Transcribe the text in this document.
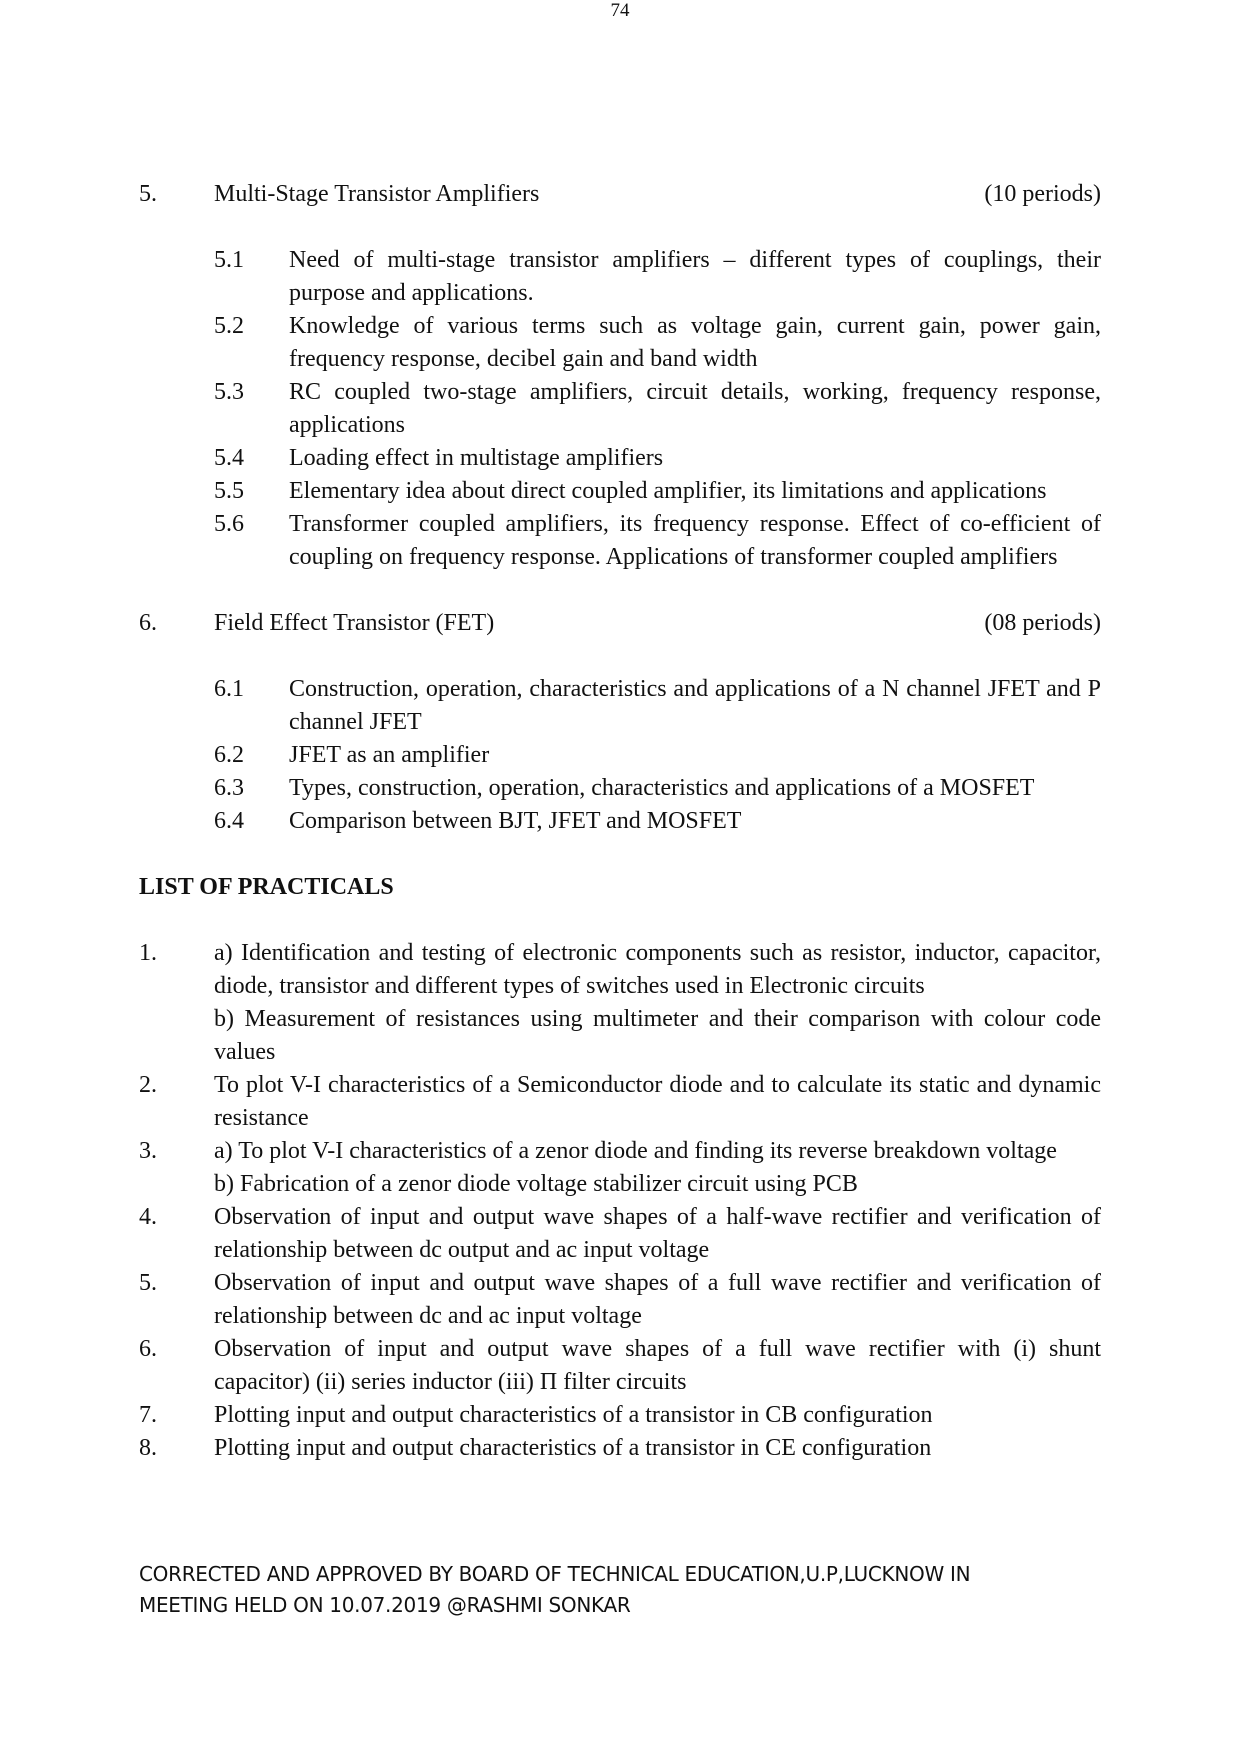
74
5. Multi-Stage Transistor Amplifiers	(10 periods)
5.1 Need of multi-stage transistor amplifiers – different types of couplings, their purpose and applications.
5.2 Knowledge of various terms such as voltage gain, current gain, power gain, frequency response, decibel gain and band width
5.3 RC coupled two-stage amplifiers, circuit details, working, frequency response, applications
5.4 Loading effect in multistage amplifiers
5.5 Elementary idea about direct coupled amplifier, its limitations and applications
5.6 Transformer coupled amplifiers, its frequency response. Effect of co-efficient of coupling on frequency response. Applications of transformer coupled amplifiers
6. Field Effect Transistor (FET)	(08 periods)
6.1 Construction, operation, characteristics and applications of a N channel JFET and P channel JFET
6.2 JFET as an amplifier
6.3 Types, construction, operation, characteristics and applications of a MOSFET
6.4 Comparison between BJT, JFET and MOSFET
LIST OF PRACTICALS
1. a) Identification and testing of electronic components such as resistor, inductor, capacitor, diode, transistor and different types of switches used in Electronic circuits
b) Measurement of resistances using multimeter and their comparison with colour code values
2. To plot V-I characteristics of a Semiconductor diode and to calculate its static and dynamic resistance
3. a) To plot V-I characteristics of a zenor diode and finding its reverse breakdown voltage
b) Fabrication of a zenor diode voltage stabilizer circuit using PCB
4. Observation of input and output wave shapes of a half-wave rectifier and verification of relationship between dc output and ac input voltage
5. Observation of input and output wave shapes of a full wave rectifier and verification of relationship between dc and ac input voltage
6. Observation of input and output wave shapes of a full wave rectifier with (i) shunt capacitor) (ii) series inductor (iii) Π filter circuits
7. Plotting input and output characteristics of a transistor in CB configuration
8. Plotting input and output characteristics of a transistor in CE configuration
CORRECTED AND APPROVED BY BOARD OF TECHNICAL EDUCATION,U.P,LUCKNOW IN
MEETING HELD ON 10.07.2019 @RASHMI SONKAR
